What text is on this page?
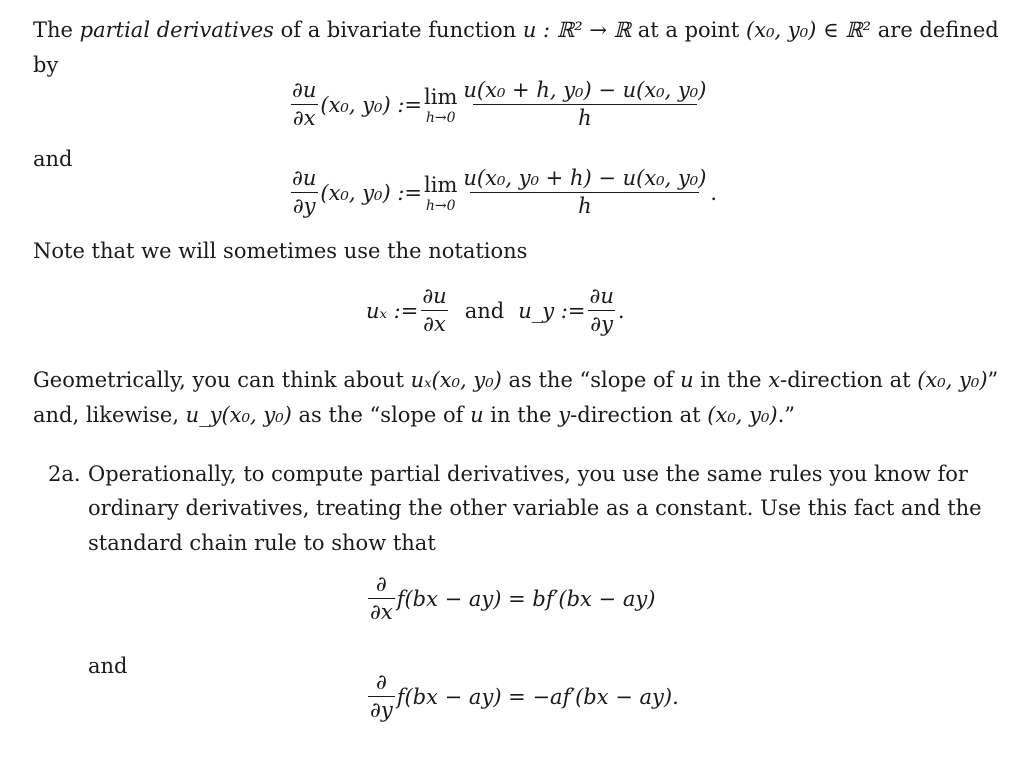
The partial derivatives of a bivariate function u : ℝ² → ℝ at a point (x₀, y₀) ∈ ℝ² are defined
by
$\frac{\partial u}{\partial x} (x_0$, y₀) := lim
$h\to 0 \frac{\text{u(x₀ + h, y₀) − u(x₀, y₀)}}{h}$
and
$\frac{\partial u}{\partial y} (x_0$, y₀) := lim
$h\to 0 \frac{\text{u(x₀, y₀ + h) − u(x₀, y₀)}}{h}$ .
Note that we will sometimes use the notations
uₓ := $\frac{\partial u}{\partial x}$ and u_y := $\frac{\partial u}{\partial y}$ .
Geometrically, you can think about uₓ(x₀, y₀) as the “slope of u in the x-direction at (x₀, y₀)”
and, likewise, u_y(x₀, y₀) as the “slope of u in the y-direction at (x₀, y₀).”
2a. Operationally, to compute partial derivatives, you use the same rules you know for
ordinary derivatives, treating the other variable as a constant. Use this fact and the
standard chain rule to show that
$\frac{\partial}{\partial x} f(bx - ay) = bf'(bx - ay)$
and
$\frac{\partial}{\partial y} f(bx - ay) = -af'(bx - ay)$.
